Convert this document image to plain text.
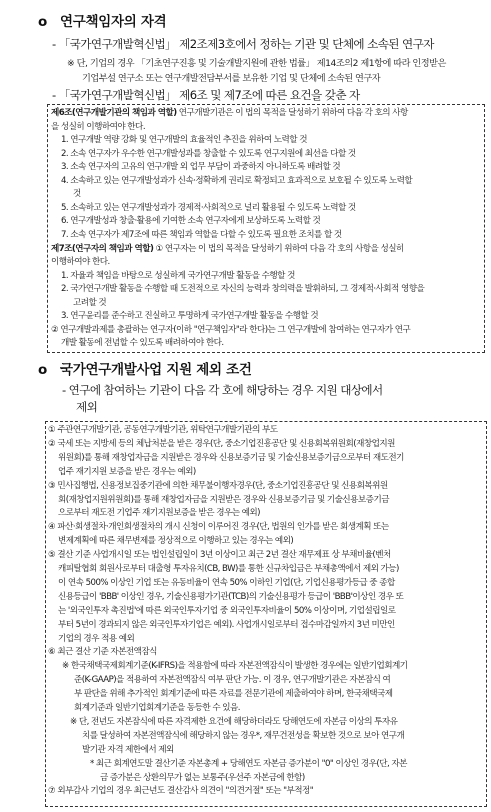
o 연구책임자의 자격
- 「국가연구개발혁신법」 제2조제3호에서 정하는 기관 및 단체에 소속된 연구자
※ 단, 기업의 경우 「기초연구진흥 및 기술개발지원에 관한 법률」 제14조의2 제1항에 따라 인정받은
기업부설 연구소 또는 연구개발전담부서를 보유한 기업 및 단체에 소속된 연구자
- 「국가연구개발혁신법」 제6조 및 제7조에 따른 요건을 갖춘 자
제6조(연구개발기관의 책임과 역할) 연구개발기관은 이 법의 목적을 달성하기 위하여 다음 각 호의 사항
을 성실히 이행하여야 한다.
1. 연구개발 역량 강화 및 연구개발의 효율적인 추진을 위하여 노력할 것
2. 소속 연구자가 우수한 연구개발성과를 창출할 수 있도록 연구지원에 최선을 다할 것
3. 소속 연구자의 고유의 연구개발 외 업무 부담이 과중하지 아니하도록 배려할 것
4. 소속하고 있는 연구개발성과가 신속·정확하게 권리로 확정되고 효과적으로 보호될 수 있도록 노력할
것
5. 소속하고 있는 연구개발성과가 경제적·사회적으로 널리 활용될 수 있도록 노력할 것
6. 연구개발성과 창출·활용에 기여한 소속 연구자에게 보상하도록 노력할 것
7. 소속 연구자가 제7조에 따른 책임과 역할을 다할 수 있도록 필요한 조치를 할 것
제7조(연구자의 책임과 역할) ① 연구자는 이 법의 목적을 달성하기 위하여 다음 각 호의 사항을 성실히
이행하여야 한다.
1. 자율과 책임을 바탕으로 성실하게 국가연구개발 활동을 수행할 것
2. 국가연구개발 활동을 수행할 때 도전적으로 자신의 능력과 창의력을 발휘하되, 그 경제적·사회적 영향을
고려할 것
3. 연구윤리를 준수하고 진실하고 투명하게 국가연구개발 활동을 수행할 것
② 연구개발과제를 총괄하는 연구자(이하 "연구책임자"라 한다)는 그 연구개발에 참여하는 연구자가 연구
개발 활동에 전념할 수 있도록 배려하여야 한다.
o 국가연구개발사업 지원 제외 조건
- 연구에 참여하는 기관이 다음 각 호에 해당하는 경우 지원 대상에서
제외
① 주관연구개발기관, 공동연구개발기관, 위탁연구개발기관의 부도
② 국세 또는 지방세 등의 체납처분을 받은 경우(단, 중소기업진흥공단 및 신용회복위원회(재창업지원
위원회)를 통해 재창업자금을 지원받은 경우와 신용보증기금 및 기술신용보증기금으로부터 재도전기
업주 재기지원 보증을 받은 경우는 예외)
③ 민사집행법, 신용정보집중기관에 의한 채무불이행자경우(단, 중소기업진흥공단 및 신용회복위원
회(재창업지원위원회)를 통해 재창업자금을 지원받은 경우와 신용보증기금 및 기술신용보증기금
으로부터 재도전 기업주 재기지원보증을 받은 경우는 예외)
④ 파산·회생절차·개인회생절차의 개시 신청이 이루어진 경우(단, 법원의 인가를 받은 회생계획 또는
변제계획에 따른 채무변제를 정상적으로 이행하고 있는 경우는 예외)
⑤ 결산 기준 사업개시일 또는 법인설립일이 3년 이상이고 최근 2년 결산 재무제표 상 부채비율(벤처
캐피탈협회 회원사로부터 대출형 투자유치(CB, BW)를 통한 신규차입금은 부채총액에서 제외 가능)
이 연속 500% 이상인 기업 또는 유동비율이 연속 50% 이하인 기업(단, 기업신용평가등급 중 종합
신용등급이 'BBB' 이상인 경우, 기술신용평가기관(TCB)의 기술신용평가 등급이 'BBB'이상인 경우 또
는 '외국인투자 촉진법'에 따른 외국인투자기업 중 외국인투자비율이 50% 이상이며, 기업설립일로
부터 5년이 경과되지 않은 외국인투자기업은 예외). 사업개시일로부터 접수마감일까지 3년 미만인
기업의 경우 적용 예외
⑥ 최근 결산 기준 자본전액잠식
※ 한국채택국제회계기준(K-IFRS)을 적용함에 따라 자본전액잠식이 발생한 경우에는 일반기업회계기
준(K-GAAP)을 적용하여 자본전액잠식 여부 판단 가능. 이 경우, 연구개발기관은 자본잠식 여
부 판단을 위해 추가적인 회계기준에 따른 자료를 전문기관에 제출하여야 하며, 한국채택국제
회계기준과 일반기업회계기준을 동등한 수 있음.
※ 단, 전년도 자본잠식에 따른 자격제한 요건에 해당하더라도 당해연도에 자본금 이상의 투자유
치를 달성하여 자본전액잠식에 해당하지 않는 경우*, 재무건전성을 확보한 것으로 보아 연구개
발기관 자격 제한에서 제외
* 최근 회계연도말 결산기준 자본총계 + 당해연도 자본금 증가분이 "0" 이상인 경우(단, 자본
금 증가분은 상환의무가 없는 보통주(우선주 자본금에 한함)
⑦ 외부감사 기업의 경우 최근년도 결산감사 의견이 "의견거절" 또는 "부적정"
